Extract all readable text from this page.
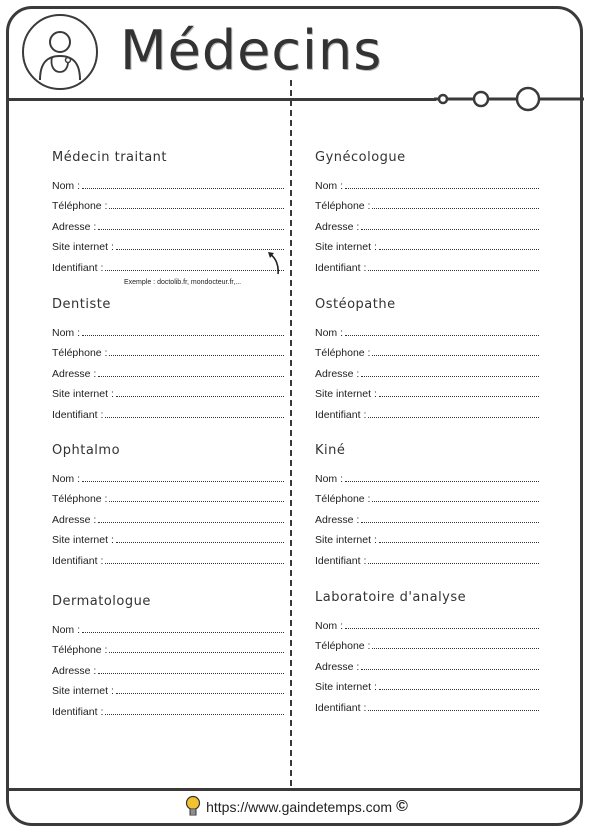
Médecins
Médecin traitant
Nom :
Téléphone :
Adresse :
Site internet :
Identifiant :
Exemple : doctolib.fr, mondocteur.fr,...
Dentiste
Nom :
Téléphone :
Adresse :
Site internet :
Identifiant :
Ophtalmo
Nom :
Téléphone :
Adresse :
Site internet :
Identifiant :
Dermatologue
Nom :
Téléphone :
Adresse :
Site internet :
Identifiant :
Gynécologue
Nom :
Téléphone :
Adresse :
Site internet :
Identifiant :
Ostéopathe
Nom :
Téléphone :
Adresse :
Site internet :
Identifiant :
Kiné
Nom :
Téléphone :
Adresse :
Site internet :
Identifiant :
Laboratoire d'analyse
Nom :
Téléphone :
Adresse :
Site internet :
Identifiant :
https://www.gaindetemps.com ©
